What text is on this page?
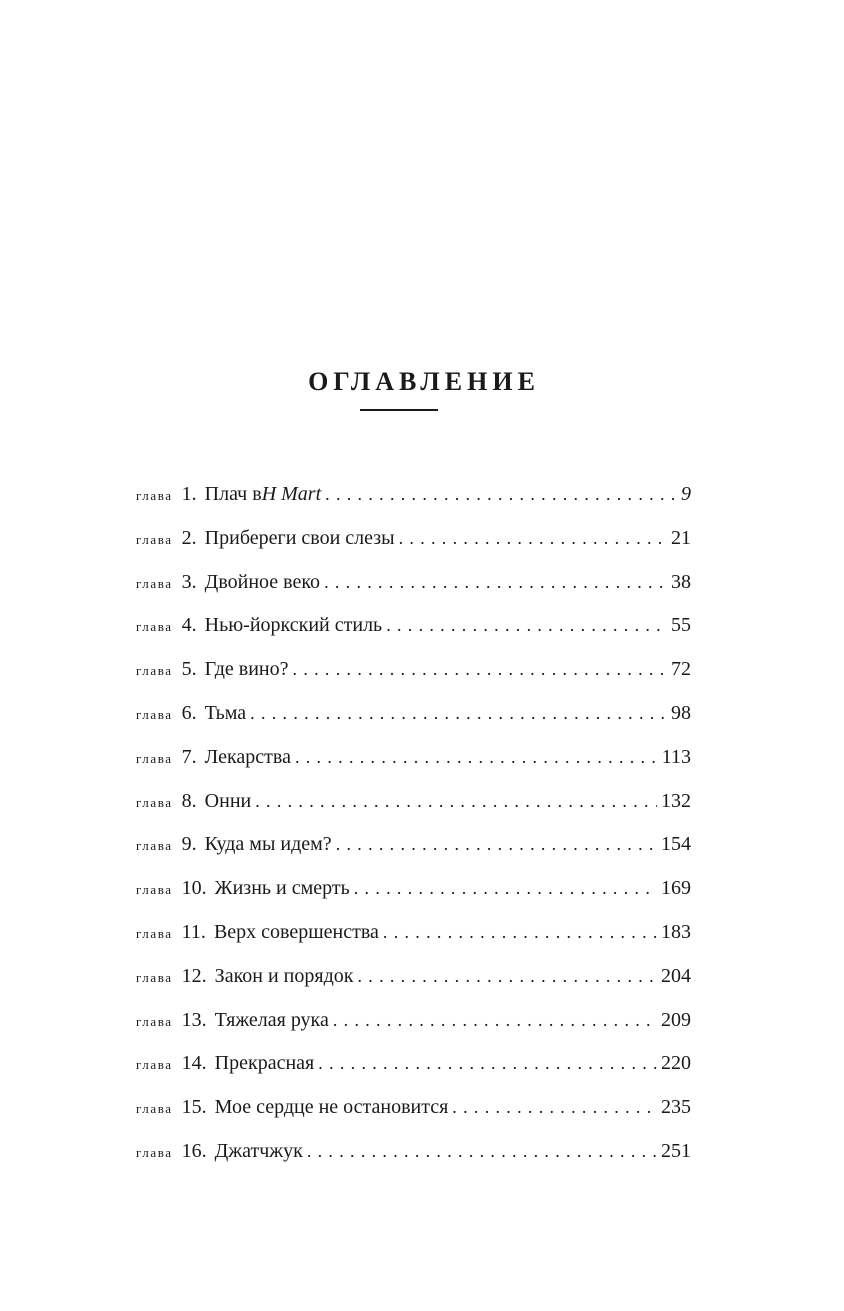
ОГЛАВЛЕНИЕ
глава 1. Плач в H Mart . . .	9
глава 2. Прибереги свои слезы . . .	21
глава 3. Двойное веко . . .	38
глава 4. Нью-йоркский стиль . . .	55
глава 5. Где вино? . . .	72
глава 6. Тьма . . .	98
глава 7. Лекарства . . .	113
глава 8. Онни . . .	132
глава 9. Куда мы идем? . . .	154
глава 10. Жизнь и смерть . . .	169
глава 11. Верх совершенства . . .	183
глава 12. Закон и порядок . . .	204
глава 13. Тяжелая рука . . .	209
глава 14. Прекрасная . . .	220
глава 15. Мое сердце не остановится . . .	235
глава 16. Джатчжук . . .	251
